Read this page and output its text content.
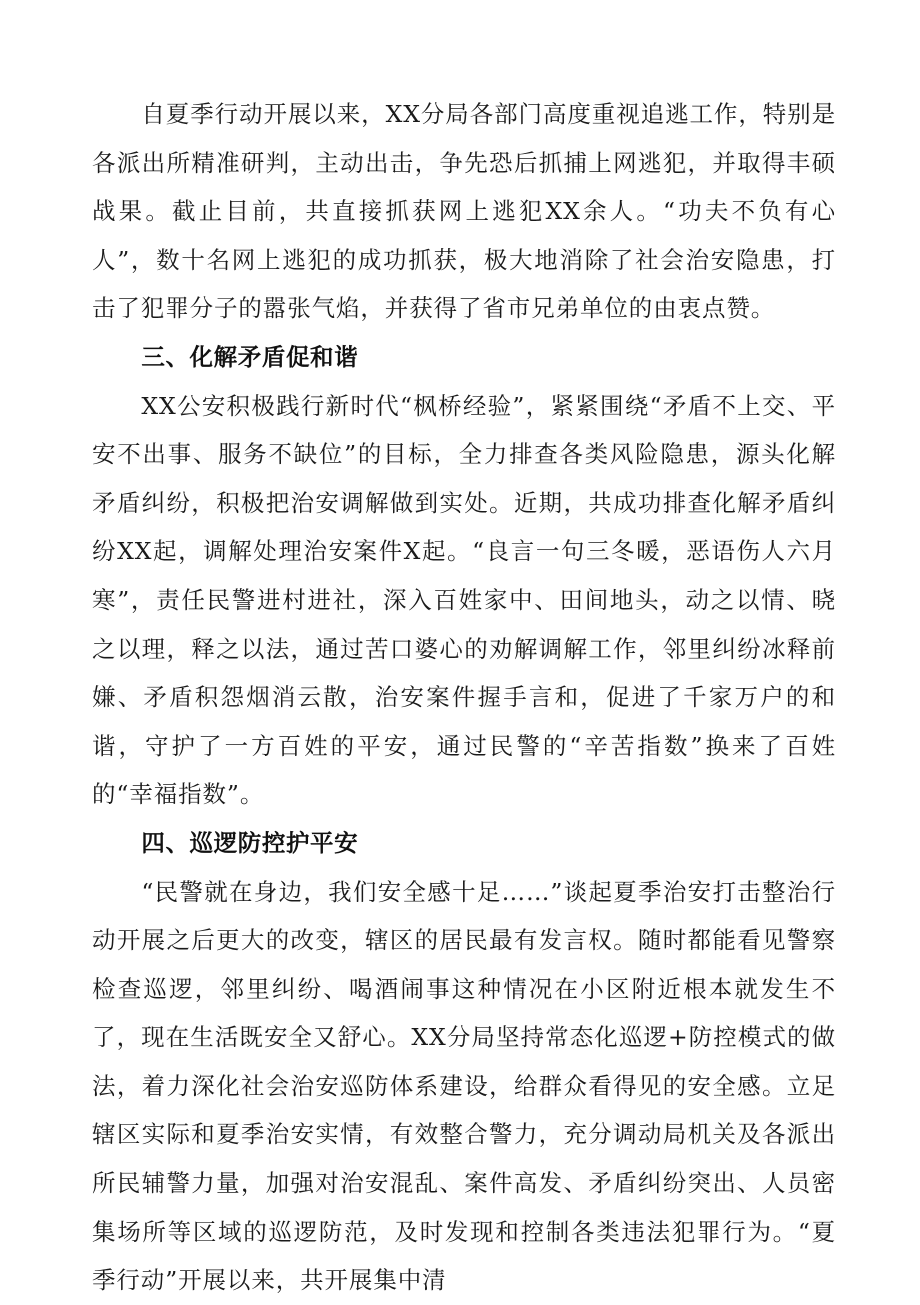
自夏季行动开展以来，XX分局各部门高度重视追逃工作，特别是各派出所精准研判，主动出击，争先恐后抓捕上网逃犯，并取得丰硕战果。截止目前，共直接抓获网上逃犯XX余人。“功夫不负有心人”，数十名网上逃犯的成功抓获，极大地消除了社会治安隐患，打击了犯罪分子的嚣张气焰，并获得了省市兄弟单位的由衷点赞。

三、化解矛盾促和谐

XX公安积极践行新时代“枫桥经验”，紧紧围绕“矛盾不上交、平安不出事、服务不缺位”的目标，全力排查各类风险隐患，源头化解矛盾纠纷，积极把治安调解做到实处。近期，共成功排查化解矛盾纠纷XX起，调解处理治安案件X起。“良言一句三冬暖，恶语伤人六月寒”，责任民警进村进社，深入百姓家中、田间地头，动之以情、晓之以理，释之以法，通过苦口婆心的劝解调解工作，邻里纠纷冰释前嫌、矛盾积怨烟消云散，治安案件握手言和，促进了千家万户的和谐，守护了一方百姓的平安，通过民警的“辛苦指数”换来了百姓的“幸福指数”。

四、巡逻防控护平安

“民警就在身边，我们安全感十足……”谈起夏季治安打击整治行动开展之后更大的改变，辖区的居民最有发言权。随时都能看见警察检查巡逻，邻里纠纷、喝酒闹事这种情况在小区附近根本就发生不了，现在生活既安全又舒心。XX分局坚持常态化巡逻+防控模式的做法，着力深化社会治安巡防体系建设，给群众看得见的安全感。立足辖区实际和夏季治安实情，有效整合警力，充分调动局机关及各派出所民辅警力量，加强对治安混乱、案件高发、矛盾纠纷突出、人员密集场所等区域的巡逻防范，及时发现和控制各类违法犯罪行为。“夏季行动”开展以来，共开展集中清
